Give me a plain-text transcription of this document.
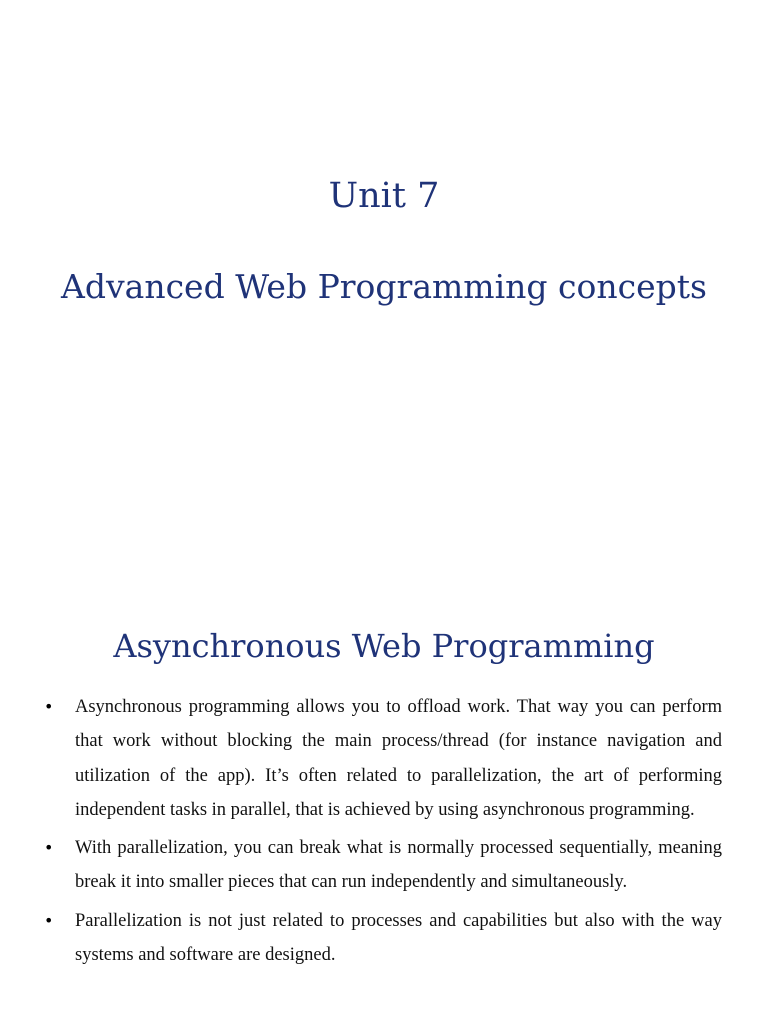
Unit 7
Advanced Web Programming concepts
Asynchronous Web Programming
• Asynchronous programming allows you to offload work. That way you can perform that work without blocking the main process/thread (for instance navigation and utilization of the app). It’s often related to parallelization, the art of performing independent tasks in parallel, that is achieved by using asynchronous programming.
• With parallelization, you can break what is normally processed sequentially, meaning break it into smaller pieces that can run independently and simultaneously.
• Parallelization is not just related to processes and capabilities but also with the way systems and software are designed.
